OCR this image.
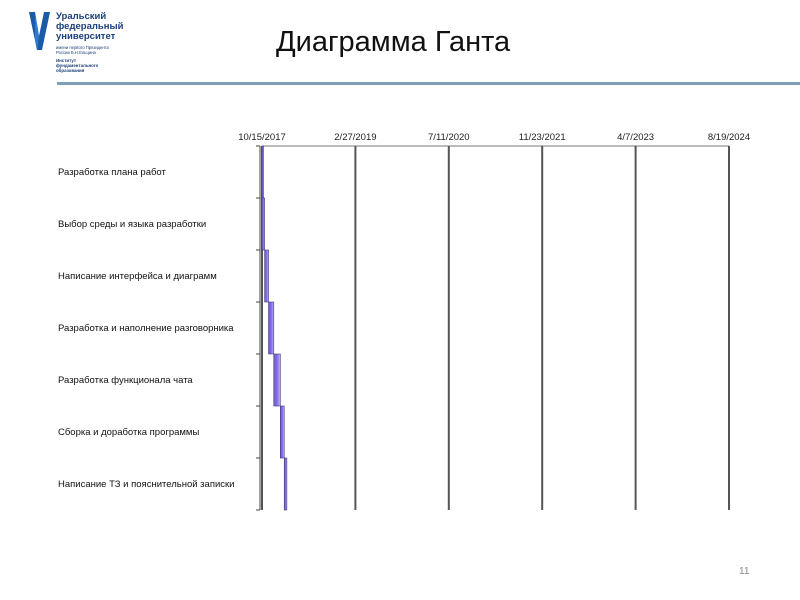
Уральский
федеральный
университет
имени первого Президента
России Б.Н.Ельцина
Институт
фундаментального
образования
Диаграмма Ганта
10/15/2017	2/27/2019	7/11/2020	11/23/2021	4/7/2023	8/19/2024
Разработка плана работ
Выбор среды и языка разработки
Написание интерфейса и диаграмм
Разработка и наполнение разговорника
Разработка функционала чата
Сборка и доработка программы
Написание ТЗ и пояснительной записки
11
